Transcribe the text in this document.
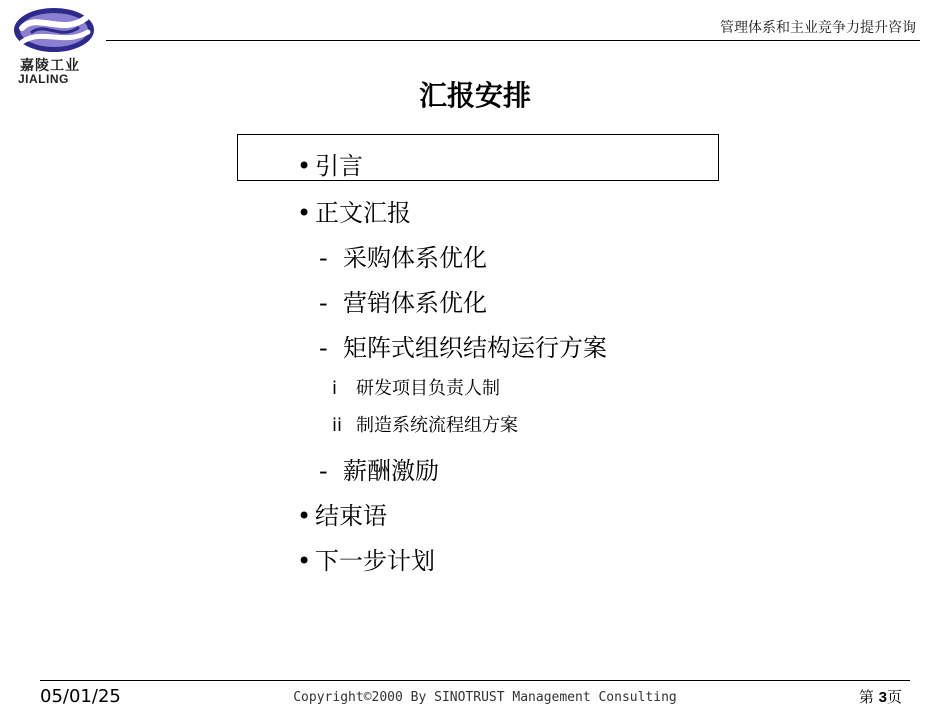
嘉陵工业
JIALING
管理体系和主业竞争力提升咨询
汇报安排
• 引言
• 正文汇报
- 采购体系优化
- 营销体系优化
- 矩阵式组织结构运行方案
i 研发项目负责人制
ii 制造系统流程组方案
- 薪酬激励
• 结束语
• 下一步计划
05/01/25	Copyright©2000 By SINOTRUST Management Consulting	第 3页
